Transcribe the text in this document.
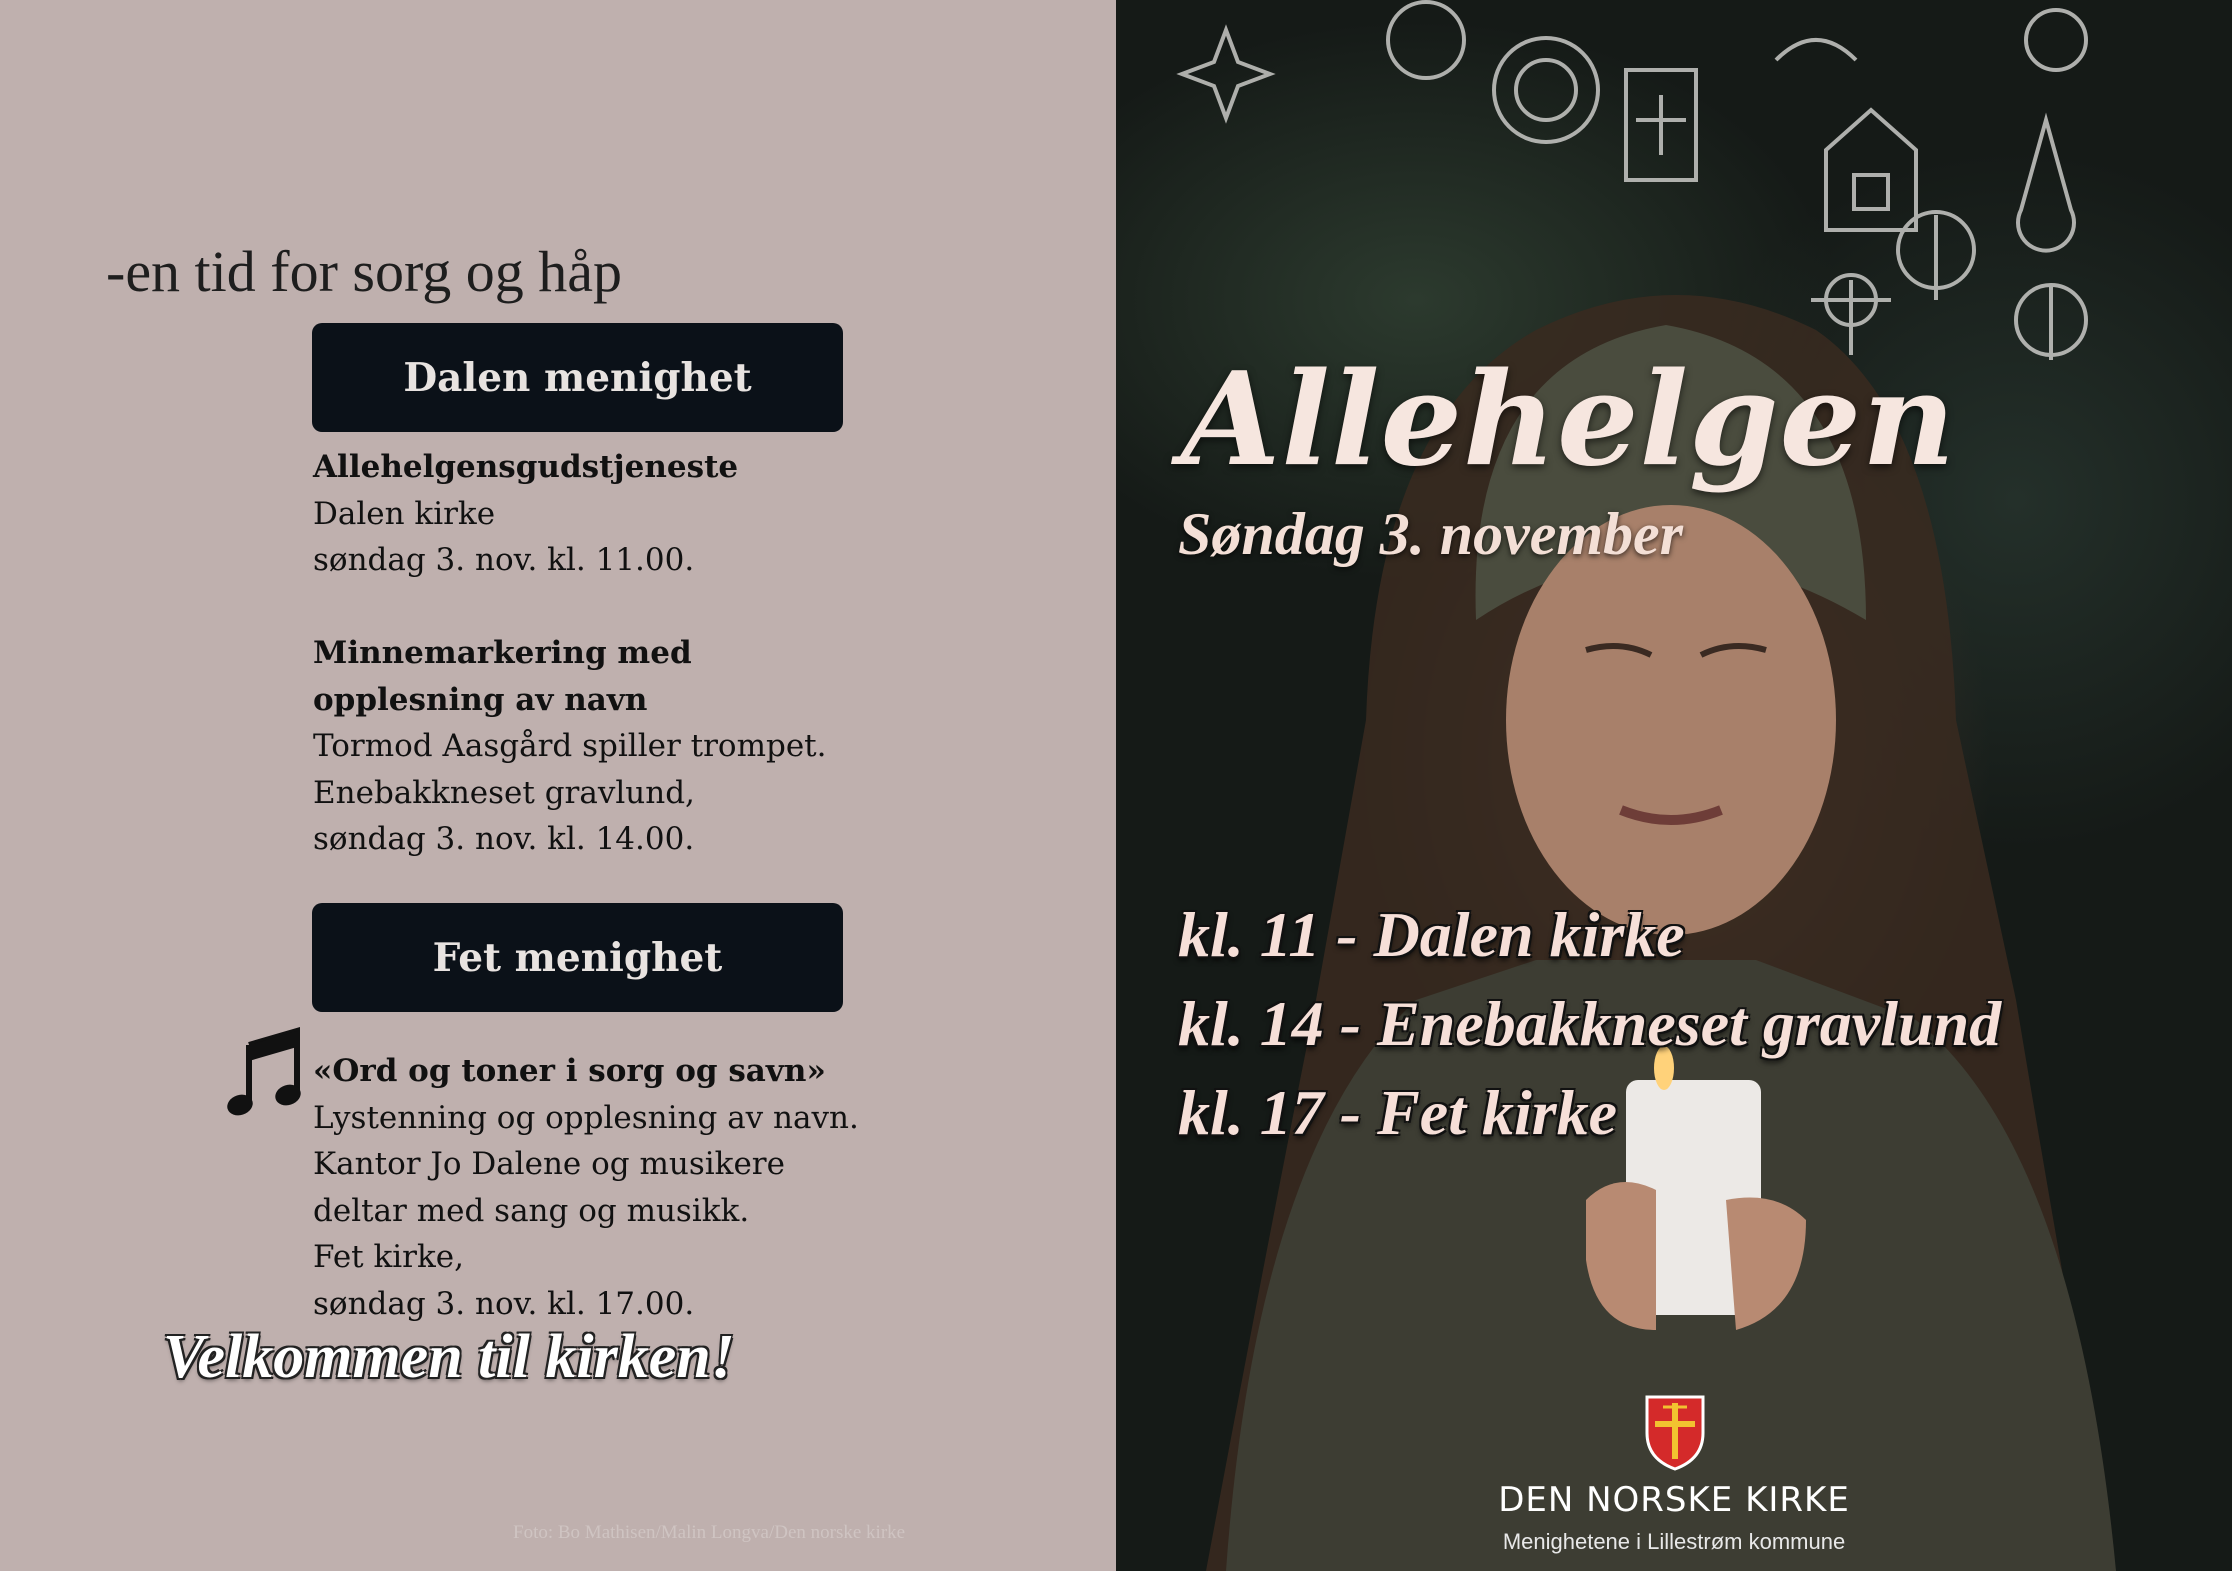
-en tid for sorg og håp
Dalen menighet
Allehelgensgudstjeneste
Dalen kirke
søndag 3. nov. kl. 11.00.
Minnemarkering med
opplesning av navn
Tormod Aasgård spiller trompet.
Enebakkneset gravlund,
søndag 3. nov. kl. 14.00.
Fet menighet
«Ord og toner i sorg og savn»
Lystenning og opplesning av navn.
Kantor Jo Dalene og musikere
deltar med sang og musikk.
Fet kirke,
søndag 3. nov. kl. 17.00.
Velkommen til kirken!
Foto: Bo Mathisen/Malin Longva/Den norske kirke
Allehelgen
Søndag 3. november
kl. 11 - Dalen kirke
kl. 14 - Enebakkneset gravlund
kl. 17 - Fet kirke
DEN NORSKE KIRKE
Menighetene i Lillestrøm kommune
